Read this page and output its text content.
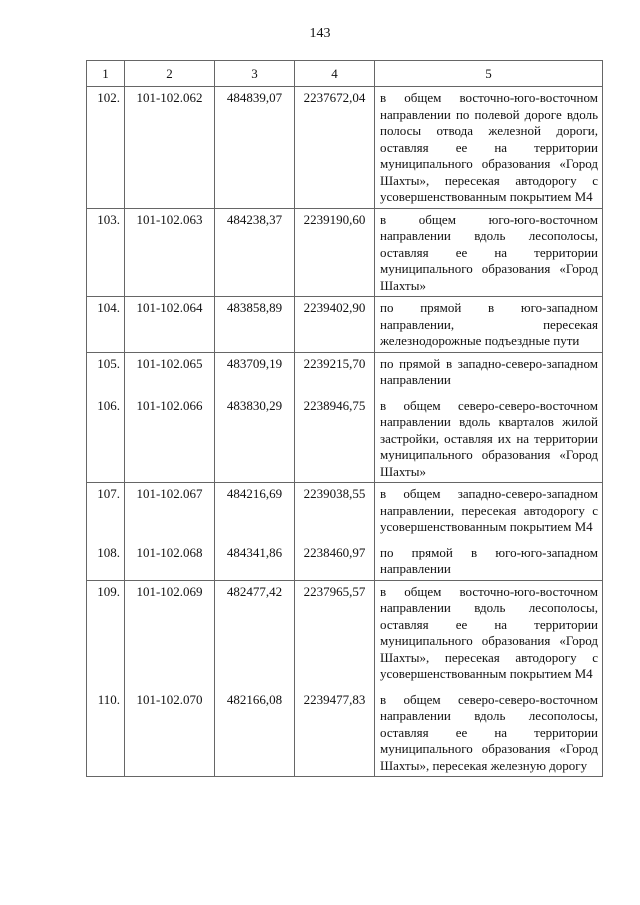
143
1	2	3	4	5
102.	101-102.062	484839,07	2237672,04	в общем восточно-юго-восточном направлении по полевой дороге вдоль полосы отвода железной дороги, оставляя ее на территории муниципального образования «Город Шахты», пересекая автодорогу с усовершенствованным покрытием М4
103.	101-102.063	484238,37	2239190,60	в общем юго-юго-восточном направлении вдоль лесополосы, оставляя ее на территории муниципального образования «Город Шахты»
104.	101-102.064	483858,89	2239402,90	по прямой в юго-западном направлении, пересекая железнодорожные подъездные пути
105.	101-102.065	483709,19	2239215,70	по прямой в западно-северо-западном направлении
106.	101-102.066	483830,29	2238946,75	в общем северо-северо-восточном направлении вдоль кварталов жилой застройки, оставляя их на территории муниципального образования «Город Шахты»
107.	101-102.067	484216,69	2239038,55	в общем западно-северо-западном направлении, пересекая автодорогу с усовершенствованным покрытием М4
108.	101-102.068	484341,86	2238460,97	по прямой в юго-юго-западном направлении
109.	101-102.069	482477,42	2237965,57	в общем восточно-юго-восточном направлении вдоль лесополосы, оставляя ее на территории муниципального образования «Город Шахты», пересекая автодорогу с усовершенствованным покрытием М4
110.	101-102.070	482166,08	2239477,83	в общем северо-северо-восточном направлении вдоль лесополосы, оставляя ее на территории муниципального образования «Город Шахты», пересекая железную дорогу
